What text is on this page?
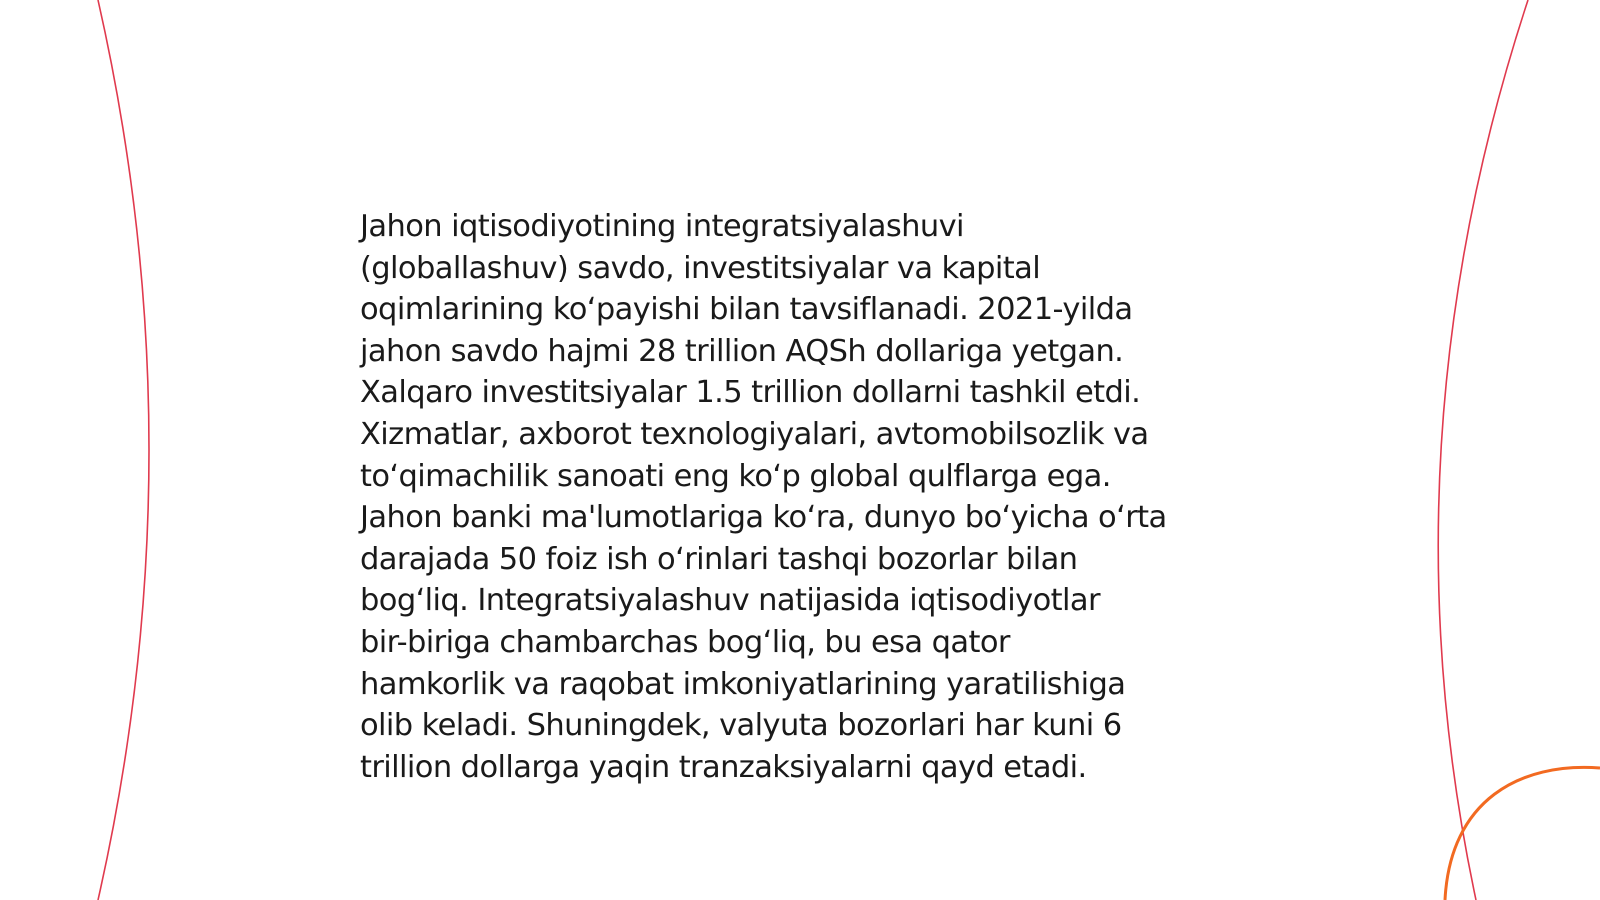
Jahon iqtisodiyotining integratsiyalashuvi
(globallashuv) savdo, investitsiyalar va kapital
oqimlarining koʻpayishi bilan tavsiflanadi. 2021-yilda
jahon savdo hajmi 28 trillion AQSh dollariga yetgan.
Xalqaro investitsiyalar 1.5 trillion dollarni tashkil etdi.
Xizmatlar, axborot texnologiyalari, avtomobilsozlik va
toʻqimachilik sanoati eng koʻp global qulflarga ega.
Jahon banki ma'lumotlariga koʻra, dunyo boʻyicha oʻrta
darajada 50 foiz ish oʻrinlari tashqi bozorlar bilan
bogʻliq. Integratsiyalashuv natijasida iqtisodiyotlar
bir-biriga chambarchas bogʻliq, bu esa qator
hamkorlik va raqobat imkoniyatlarining yaratilishiga
olib keladi. Shuningdek, valyuta bozorlari har kuni 6
trillion dollarga yaqin tranzaksiyalarni qayd etadi.
